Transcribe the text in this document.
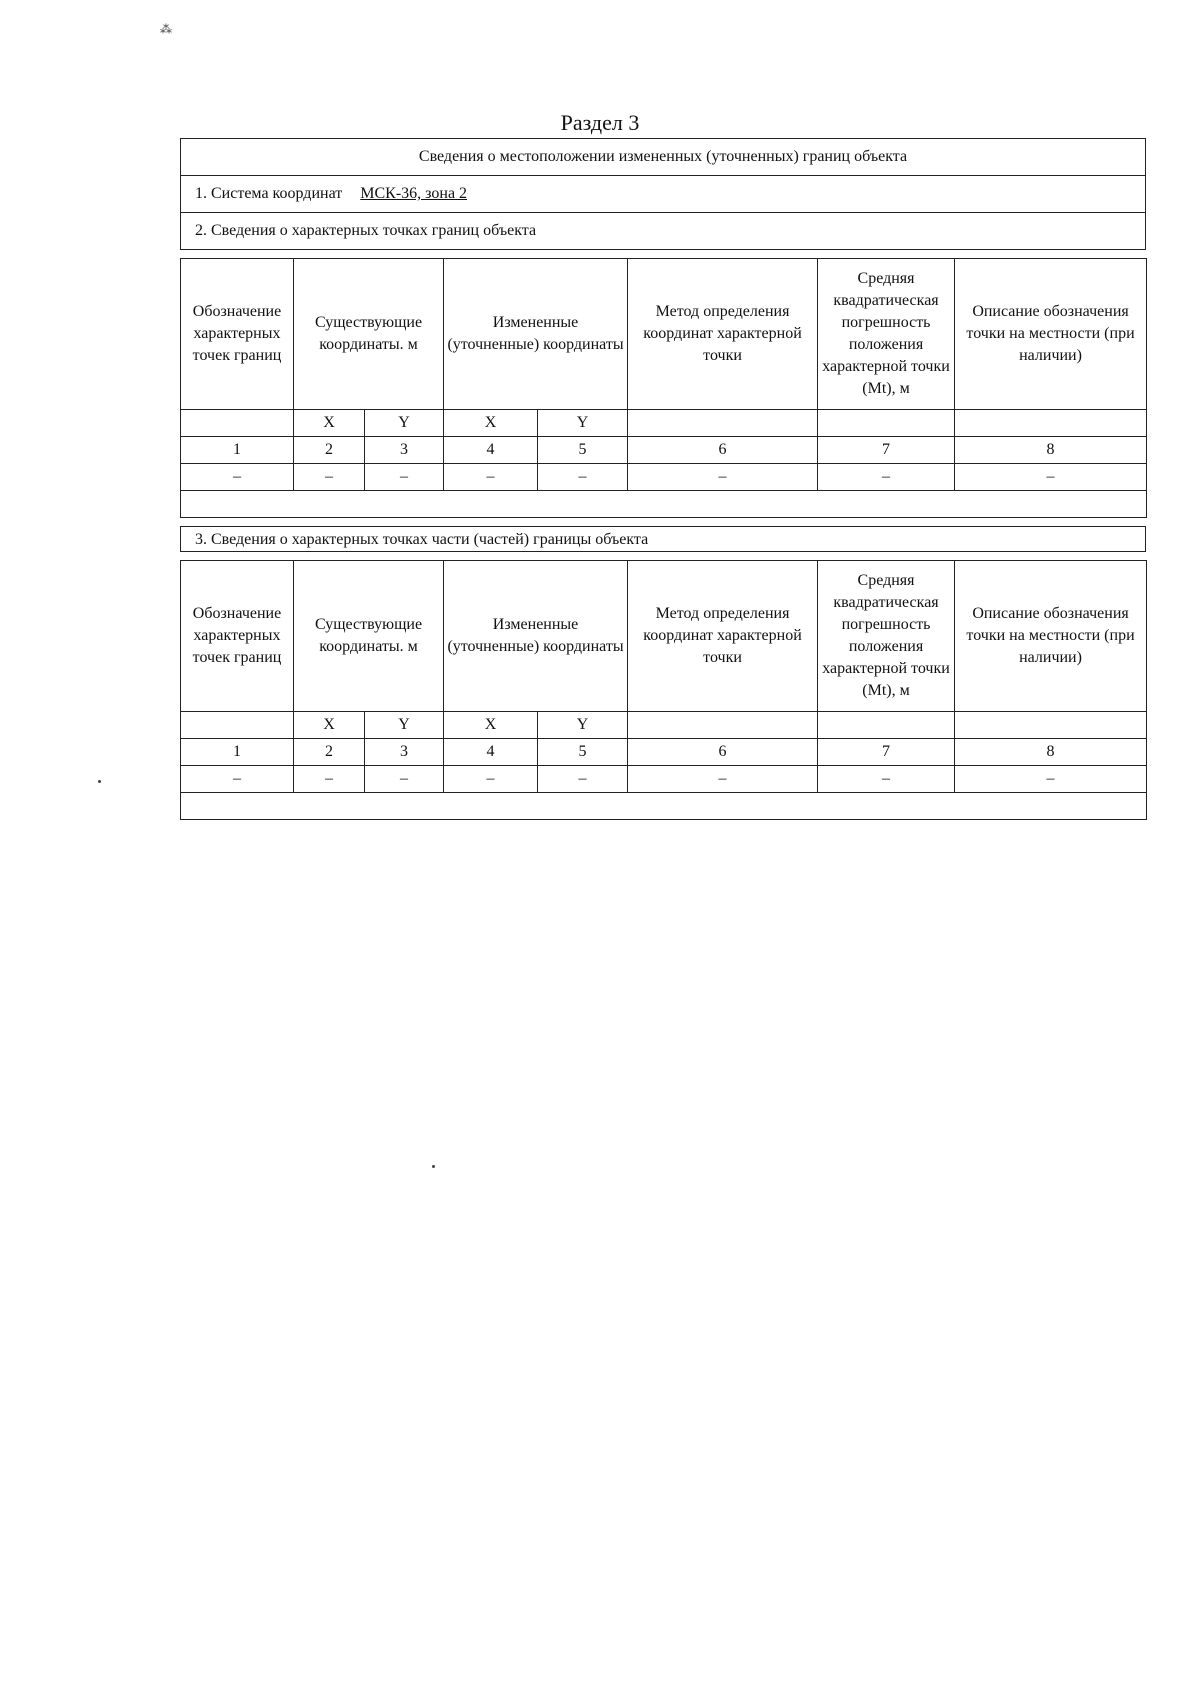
⁂
Раздел 3
Сведения о местоположении измененных (уточненных) границ объекта
1. Система координат МСК-36, зона 2
2. Сведения о характерных точках границ объекта
Обозначение характерных точек границ	Существующие координаты. м		Измененные (уточненные) координаты		Метод определения координат характерной точки	Средняя квадратическая погрешность положения характерной точки (Mt), м	Описание обозначения точки на местности (при наличии)
	X	Y	X	Y			
1	2	3	4	5	6	7	8
–	–	–	–	–	–	–	–

3. Сведения о характерных точках части (частей) границы объекта
Обозначение характерных точек границ	Существующие координаты. м		Измененные (уточненные) координаты		Метод определения координат характерной точки	Средняя квадратическая погрешность положения характерной точки (Mt), м	Описание обозначения точки на местности (при наличии)
	X	Y	X	Y			
1	2	3	4	5	6	7	8
–	–	–	–	–	–	–	–
